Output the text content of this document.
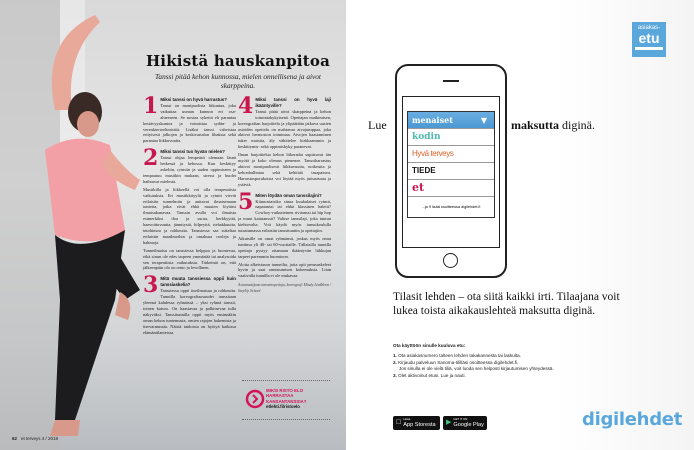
Hikistä hauskanpitoa
Tanssi pitää kehon kunnossa, mielen onnellisena ja aivot skarppeina.

1 Miksi tanssi on hyvä harrastus?
Tanssi on monipuolista liikuntaa, joka vaikuttaa useaan kunnon eri osa-alueeseen. Se nostaa sykettä eli parantaa kestävyyskuntoa ja voimistaa sydän- ja verenkiertoelimistöä. Lisäksi tanssi vahvistaa erityisesti jalkojen ja keskivartalon lihaksia sekä parantaa liikkuvuutta.

2 Miksi tanssi tuo hyvän mielen?
Tanssi ohjaa lempeästi olemaan läsnä hetkessä ja kehossa. Kun keskittyy askeliin, rytmiin ja uuden oppimiseen ja tempautuu musiikin mukaan, stressi ja huolet haihtuvat mielestä.

Musiikilla ja liikkeellä voi olla terapeuttisia vaikutuksia. Eri musiikkityylit ja rytmit vievät erilaisiin tunnelmiin ja auttavat ilmaisemaan tunteita, jotka eivät ehkä muuten löytäisi ilmaisukanavaa. Tanssin avulla voi ilmaista esimerkiksi iloa ja surua, herkkyyttä, haavoittuvuutta, jännitystä, hilpeyttä, riehakkuutta, intohimoa ja rohkeutta. Tanssiessa saa sukeltaa erilaisiin maailmoihin ja omaksua rooleja ja hahmoja.

Tunneilmaisu on tanssiessa helppoa ja luontevaa, eikä sinun ole edes tarpeen ymmärtää tai analysoida sen terapeuttisia vaikutuksia. Tärkeintä on, että jälkeenpäin olo on rento ja levollinen.

3 Mitä muuta tanssiessa oppii kuin tanssiaskelia?
Tanssiessa oppii itseilmaisua ja rohkeutta. Tunnilla koreografiaosuudet tanssitaan yleensä kahdessa ryhmässä – yksi ryhmä tanssii, toinen katsoo. On haastavaa ja palkitsevaa tulla näkyväksi. Tanssitunnilla oppii myös ensinnäkin oman kehon tuntemusta, omien rajojen hakemista ja itsevarmuutta. Näistä taidoista on hyötyä kaikissa elämäntilanteissa.

4 Miksi tanssi on hyvä laji ikääntyville?
Tanssi pitää aivot skarppeina ja kehon toimintakykyisenä. Opettajan matkimisen, koreografian harjoittelu ja ylipäätään jatkuva uusien asioiden opettelu on mahtavaa aivojumppaa, joka aktivoi hermoston toimintaa. Aivojen haastaminen tuker muistia, äly vähittelee kirkkaammin ja keskittymis- sekä oppimiskyky paranevat.

Ilman harjoittelua kehon liikeradat supistuvat iän myötä ja koko olemus pienenee. Tanssiharrastus aktivoi monipuolisesti liikkuvuutta, notkeutta ja kehonhallintaa sekä kehittää tasapainoa. Harrastusporukoista voi löytää myös juttuseuraa ja ystäviä.

5 Miten löydän oman tanssilajini?
Kiinnostaisiko sinua kuubalaiset rytmit, napatanssi tai ehkä klassinen baletti? Cowboy-vaikutteinen rivitanssi tai hip hop ja muut katutanssit? Valitse tanssilaji, joka tuntuu kiehtovalta. Voit käydä myös tanssikoululla tutustumassa erilaisiin tanssituntiin ja opettajiin.

Aikuisille on omat ryhmänsä, joskus myös omat tuntinsa yli 40- tai 60-vuotiaille. Tällaisilla tunnilla opettaja pystyy ottamaan ikääntyvän liikkujan tarpeet paremmin huomioon.

Aloita alkeistason tunneilta, jotta opit perusaskeleet hyvin ja saat onnistumisen kokemuksia. Liian vaativalla tunnilla ei ole mukavaa.

Asiantuntijana tanssinopettaja, koreografi Mindy Lindblom / StepUp School

MIKSI RISTO ELO HARRASTAA KANSANTANSSIA?
etlehti.fi/ristoelo
62 et terveys 4 / 2018
asiakas-
etu
Lue	menaiset	▼
kodin
Hyvä terveys
TIEDE
et
...ja 9 lisää osoitteessa digilehdet.fi
maksutta diginä.
Tilasit lehden – ota siitä kaikki irti. Tilaajana voit lukea toista aikakauslehteä maksutta diginä.
Ota käyttöön sinulle kuuluva etu:
1. Ota asiakasnumero talteen lehden takakannesta tai laskulta.
2. Kirjaudu palveluun Sanoma-tililläsi osoitteessa digilehdet.fi.
Jos sinulla ei ole vielä tiliä, voit luoda sen helposti kirjautumisen yhteydessä.
3. Olet aktivoinut etusi. Lue ja nauti.
Lataa
App Storesta ▶ GET IT ON
Google Play	digilehdet
